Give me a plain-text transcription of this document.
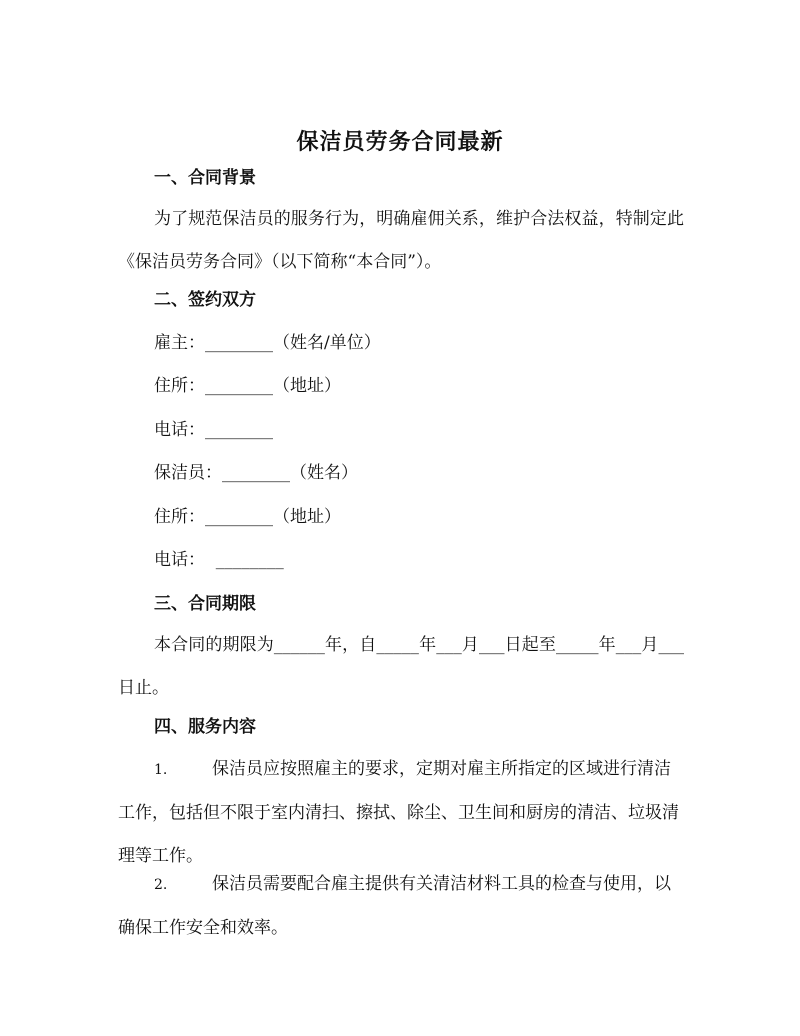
保洁员劳务合同最新
一、合同背景
为了规范保洁员的服务行为，明确雇佣关系，维护合法权益，特制定此《保洁员劳务合同》（以下简称“本合同”）。
二、签约双方
雇主：________（姓名/单位）
住所：________（地址）
电话：________
保洁员：________（姓名）
住所：________（地址）
电话：  ________
三、合同期限
本合同的期限为______年，自_____年___月___日起至_____年___月___日止。
四、服务内容
1.	保洁员应按照雇主的要求，定期对雇主所指定的区域进行清洁工作，包括但不限于室内清扫、擦拭、除尘、卫生间和厨房的清洁、垃圾清理等工作。
2.	保洁员需要配合雇主提供有关清洁材料工具的检查与使用，以确保工作安全和效率。
